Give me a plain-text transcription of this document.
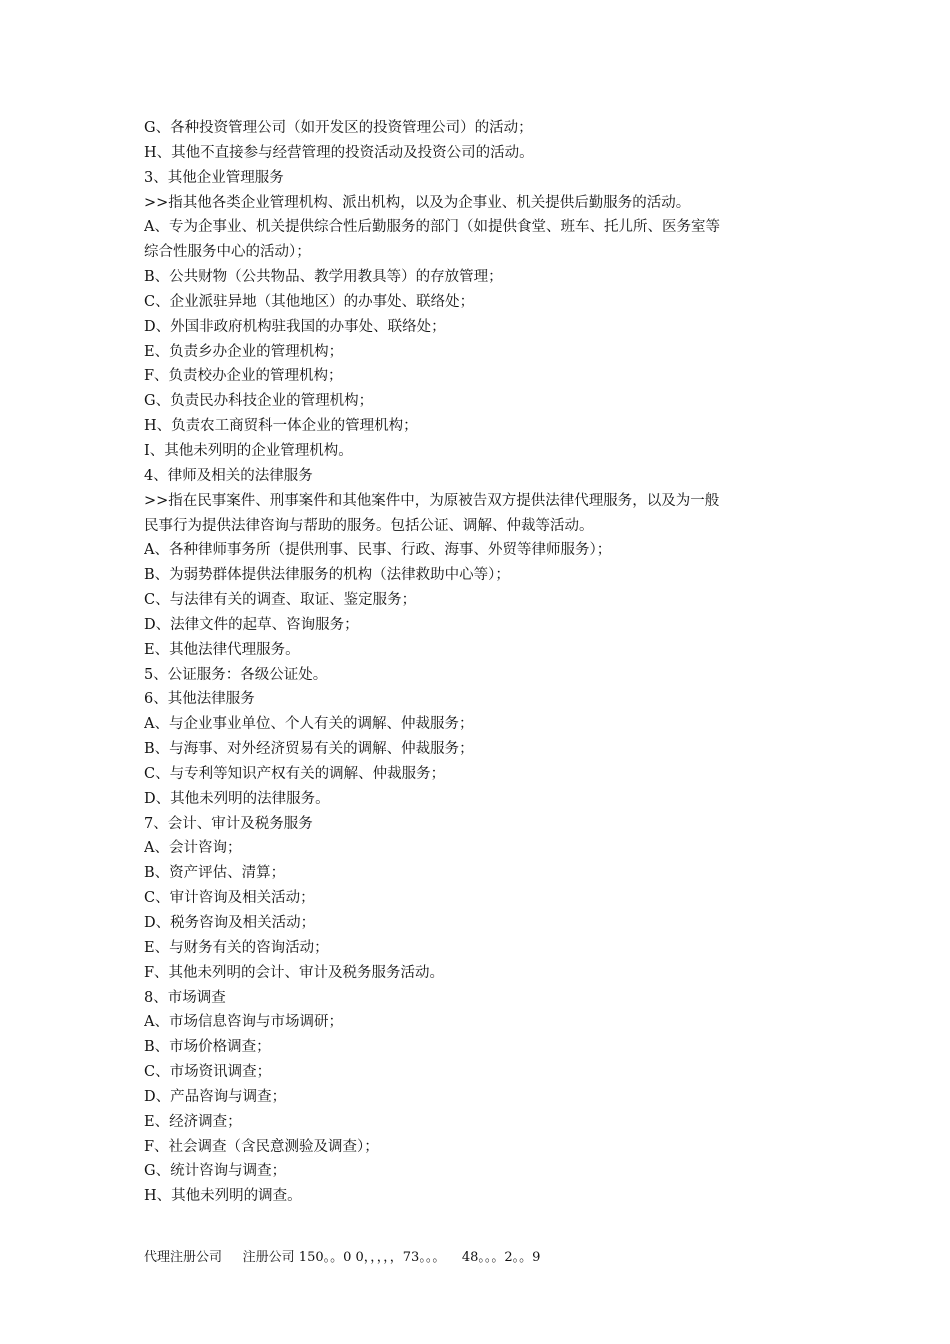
G、各种投资管理公司（如开发区的投资管理公司）的活动；
H、其他不直接参与经营管理的投资活动及投资公司的活动。
3、其他企业管理服务
>>指其他各类企业管理机构、派出机构，以及为企事业、机关提供后勤服务的活动。
A、专为企事业、机关提供综合性后勤服务的部门（如提供食堂、班车、托儿所、医务室等
综合性服务中心的活动）；
B、公共财物（公共物品、教学用教具等）的存放管理；
C、企业派驻异地（其他地区）的办事处、联络处；
D、外国非政府机构驻我国的办事处、联络处；
E、负责乡办企业的管理机构；
F、负责校办企业的管理机构；
G、负责民办科技企业的管理机构；
H、负责农工商贸科一体企业的管理机构；
I、其他未列明的企业管理机构。
4、律师及相关的法律服务
>>指在民事案件、刑事案件和其他案件中，为原被告双方提供法律代理服务，以及为一般
民事行为提供法律咨询与帮助的服务。包括公证、调解、仲裁等活动。
A、各种律师事务所（提供刑事、民事、行政、海事、外贸等律师服务）；
B、为弱势群体提供法律服务的机构（法律救助中心等）；
C、与法律有关的调查、取证、鉴定服务；
D、法律文件的起草、咨询服务；
E、其他法律代理服务。
5、公证服务：各级公证处。
6、其他法律服务
A、与企业事业单位、个人有关的调解、仲裁服务；
B、与海事、对外经济贸易有关的调解、仲裁服务；
C、与专利等知识产权有关的调解、仲裁服务；
D、其他未列明的法律服务。
7、会计、审计及税务服务
A、会计咨询；
B、资产评估、清算；
C、审计咨询及相关活动；
D、税务咨询及相关活动；
E、与财务有关的咨询活动；
F、其他未列明的会计、审计及税务服务活动。
8、市场调查
A、市场信息咨询与市场调研；
B、市场价格调查；
C、市场资讯调查；
D、产品咨询与调查；
E、经济调查；
F、社会调查（含民意测验及调查）；
G、统计咨询与调查；
H、其他未列明的调查。
代理注册公司     注册公司 150。。0 0，，，，，73。。。    48。。。2。。9
